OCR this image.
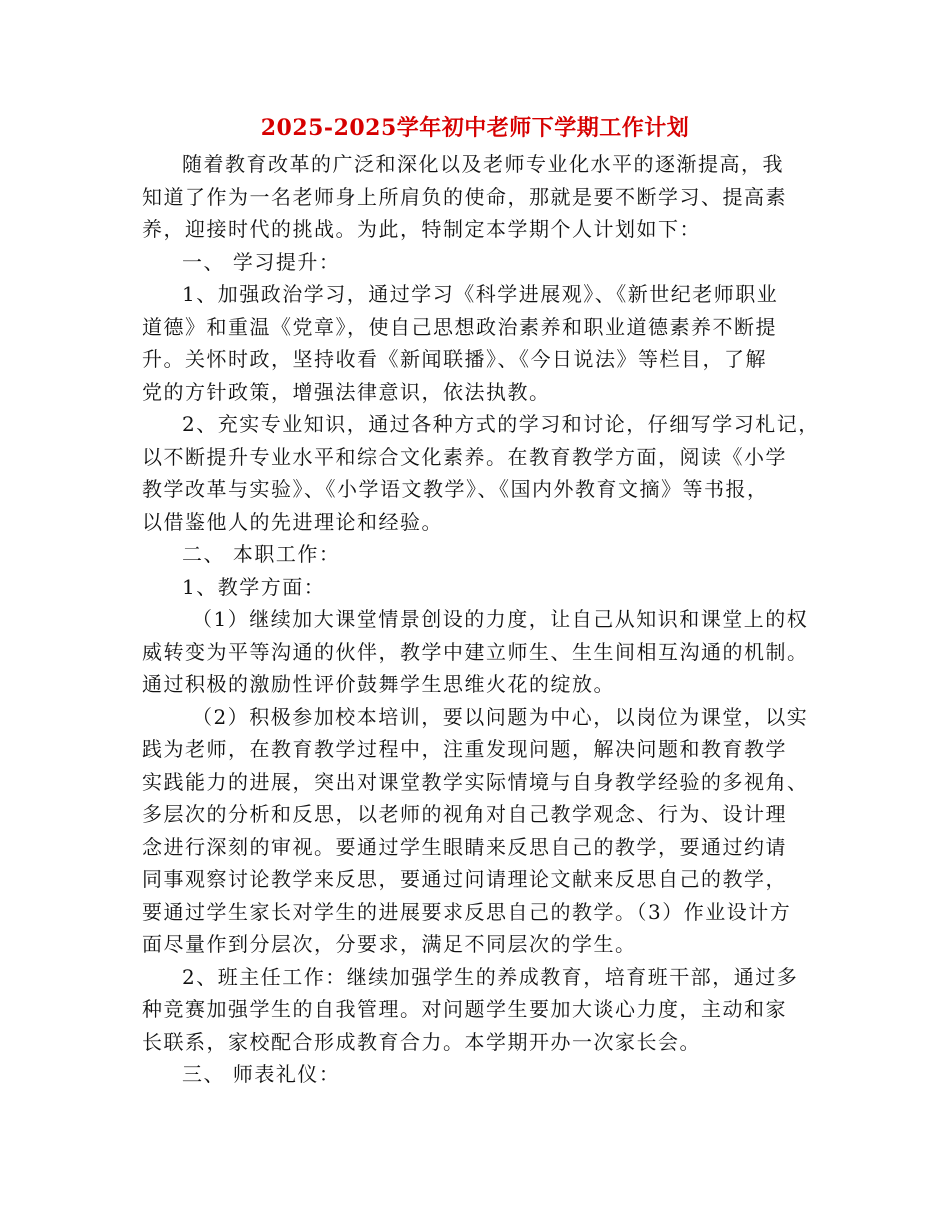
2025-2025学年初中老师下学期工作计划

随着教育改革的广泛和深化以及老师专业化水平的逐渐提高，我
知道了作为一名老师身上所肩负的使命，那就是要不断学习、提高素
养，迎接时代的挑战。为此，特制定本学期个人计划如下：

一、 学习提升：

1、加强政治学习，通过学习《科学进展观》、《新世纪老师职业
道德》和重温《党章》，使自己思想政治素养和职业道德素养不断提
升。关怀时政，坚持收看《新闻联播》、《今日说法》等栏目，了解
党的方针政策，增强法律意识，依法执教。

2、充实专业知识，通过各种方式的学习和讨论，仔细写学习札记，
以不断提升专业水平和综合文化素养。在教育教学方面，阅读《小学
教学改革与实验》、《小学语文教学》、《国内外教育文摘》等书报，
以借鉴他人的先进理论和经验。

二、 本职工作：

1、教学方面：

（1）继续加大课堂情景创设的力度，让自己从知识和课堂上的权
威转变为平等沟通的伙伴，教学中建立师生、生生间相互沟通的机制。
通过积极的激励性评价鼓舞学生思维火花的绽放。

（2）积极参加校本培训，要以问题为中心，以岗位为课堂，以实
践为老师，在教育教学过程中，注重发现问题，解决问题和教育教学
实践能力的进展，突出对课堂教学实际情境与自身教学经验的多视角、
多层次的分析和反思，以老师的视角对自己教学观念、行为、设计理
念进行深刻的审视。要通过学生眼睛来反思自己的教学，要通过约请
同事观察讨论教学来反思，要通过问请理论文献来反思自己的教学，
要通过学生家长对学生的进展要求反思自己的教学。（3）作业设计方
面尽量作到分层次，分要求，满足不同层次的学生。

2、班主任工作：继续加强学生的养成教育，培育班干部，通过多
种竞赛加强学生的自我管理。对问题学生要加大谈心力度，主动和家
长联系，家校配合形成教育合力。本学期开办一次家长会。

三、 师表礼仪：
